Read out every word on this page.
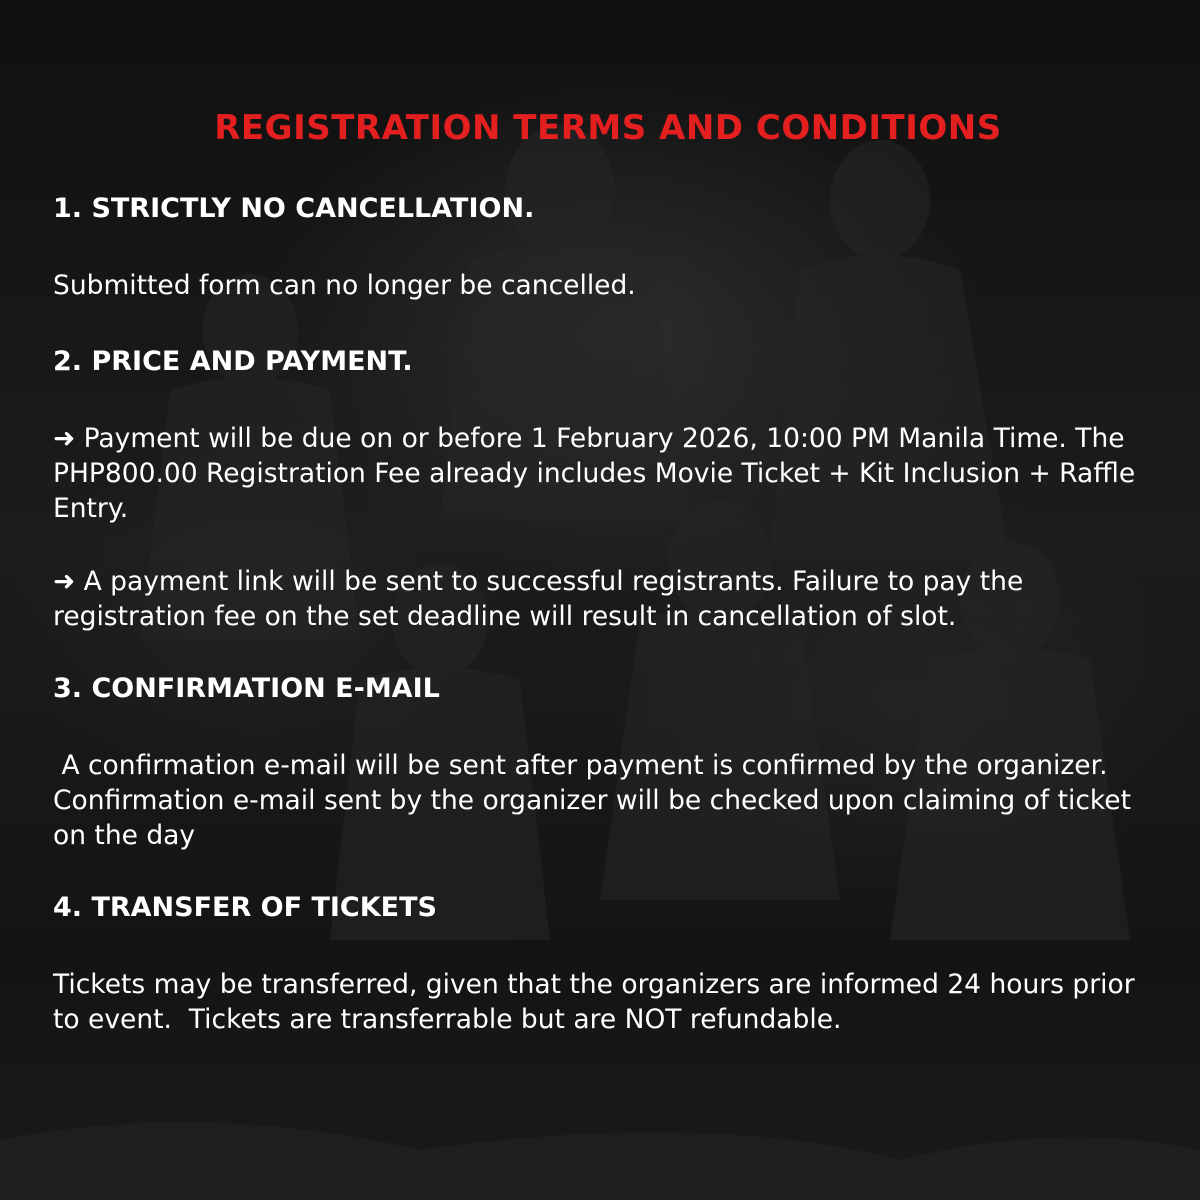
REGISTRATION TERMS AND CONDITIONS
1. STRICTLY NO CANCELLATION.

Submitted form can no longer be cancelled.

2. PRICE AND PAYMENT.

➜ Payment will be due on or before 1 February 2026, 10:00 PM Manila Time. The PHP800.00 Registration Fee already includes Movie Ticket + Kit Inclusion + Raffle Entry.

➜ A payment link will be sent to successful registrants. Failure to pay the registration fee on the set deadline will result in cancellation of slot.

3. CONFIRMATION E-MAIL

A confirmation e-mail will be sent after payment is confirmed by the organizer. Confirmation e-mail sent by the organizer will be checked upon claiming of ticket on the day

4. TRANSFER OF TICKETS

Tickets may be transferred, given that the organizers are informed 24 hours prior to event.  Tickets are transferrable but are NOT refundable.
